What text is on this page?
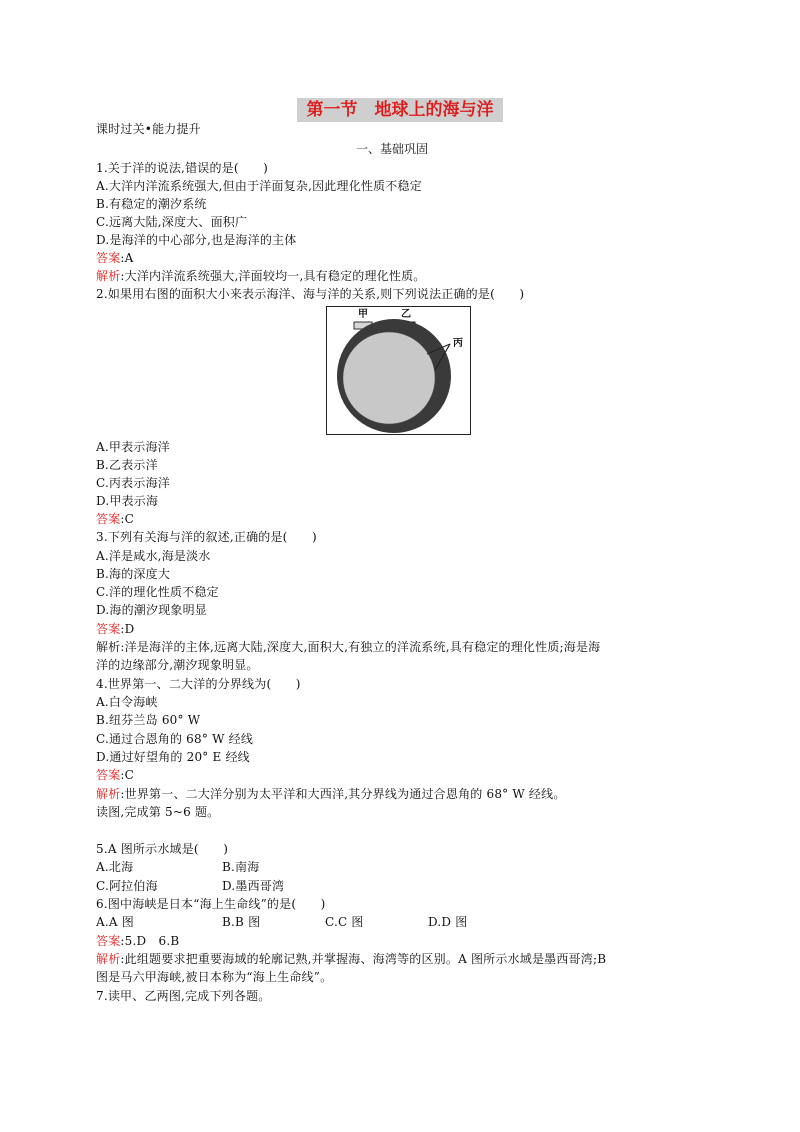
第一节　地球上的海与洋
课时过关•能力提升
一、基础巩固
1.关于洋的说法,错误的是(　　)
A.大洋内洋流系统强大,但由于洋面复杂,因此理化性质不稳定
B.有稳定的潮汐系统
C.远离大陆,深度大、面积广
D.是海洋的中心部分,也是海洋的主体
答案:A
解析:大洋内洋流系统强大,洋面较均一,具有稳定的理化性质。
2.如果用右图的面积大小来表示海洋、海与洋的关系,则下列说法正确的是(　　)
甲	乙
丙
A.甲表示海洋
B.乙表示洋
C.丙表示海洋
D.甲表示海
答案:C
3.下列有关海与洋的叙述,正确的是(　　)
A.洋是咸水,海是淡水
B.海的深度大
C.洋的理化性质不稳定
D.海的潮汐现象明显
答案:D
解析:洋是海洋的主体,远离大陆,深度大,面积大,有独立的洋流系统,具有稳定的理化性质;海是海
洋的边缘部分,潮汐现象明显。
4.世界第一、二大洋的分界线为(　　)
A.白令海峡
B.纽芬兰岛 60° W
C.通过合恩角的 68° W 经线
D.通过好望角的 20° E 经线
答案:C
解析:世界第一、二大洋分别为太平洋和大西洋,其分界线为通过合恩角的 68° W 经线。
读图,完成第 5~6 题。
5.A 图所示水域是(　　)
A.北海	B.南海
C.阿拉伯海	D.墨西哥湾
6.图中海峡是日本“海上生命线”的是(　　)
A.A 图	B.B 图	C.C 图	D.D 图
答案:5.D　6.B
解析:此组题要求把重要海域的轮廓记熟,并掌握海、海湾等的区别。A 图所示水域是墨西哥湾;B
图是马六甲海峡,被日本称为“海上生命线”。
7.读甲、乙两图,完成下列各题。
